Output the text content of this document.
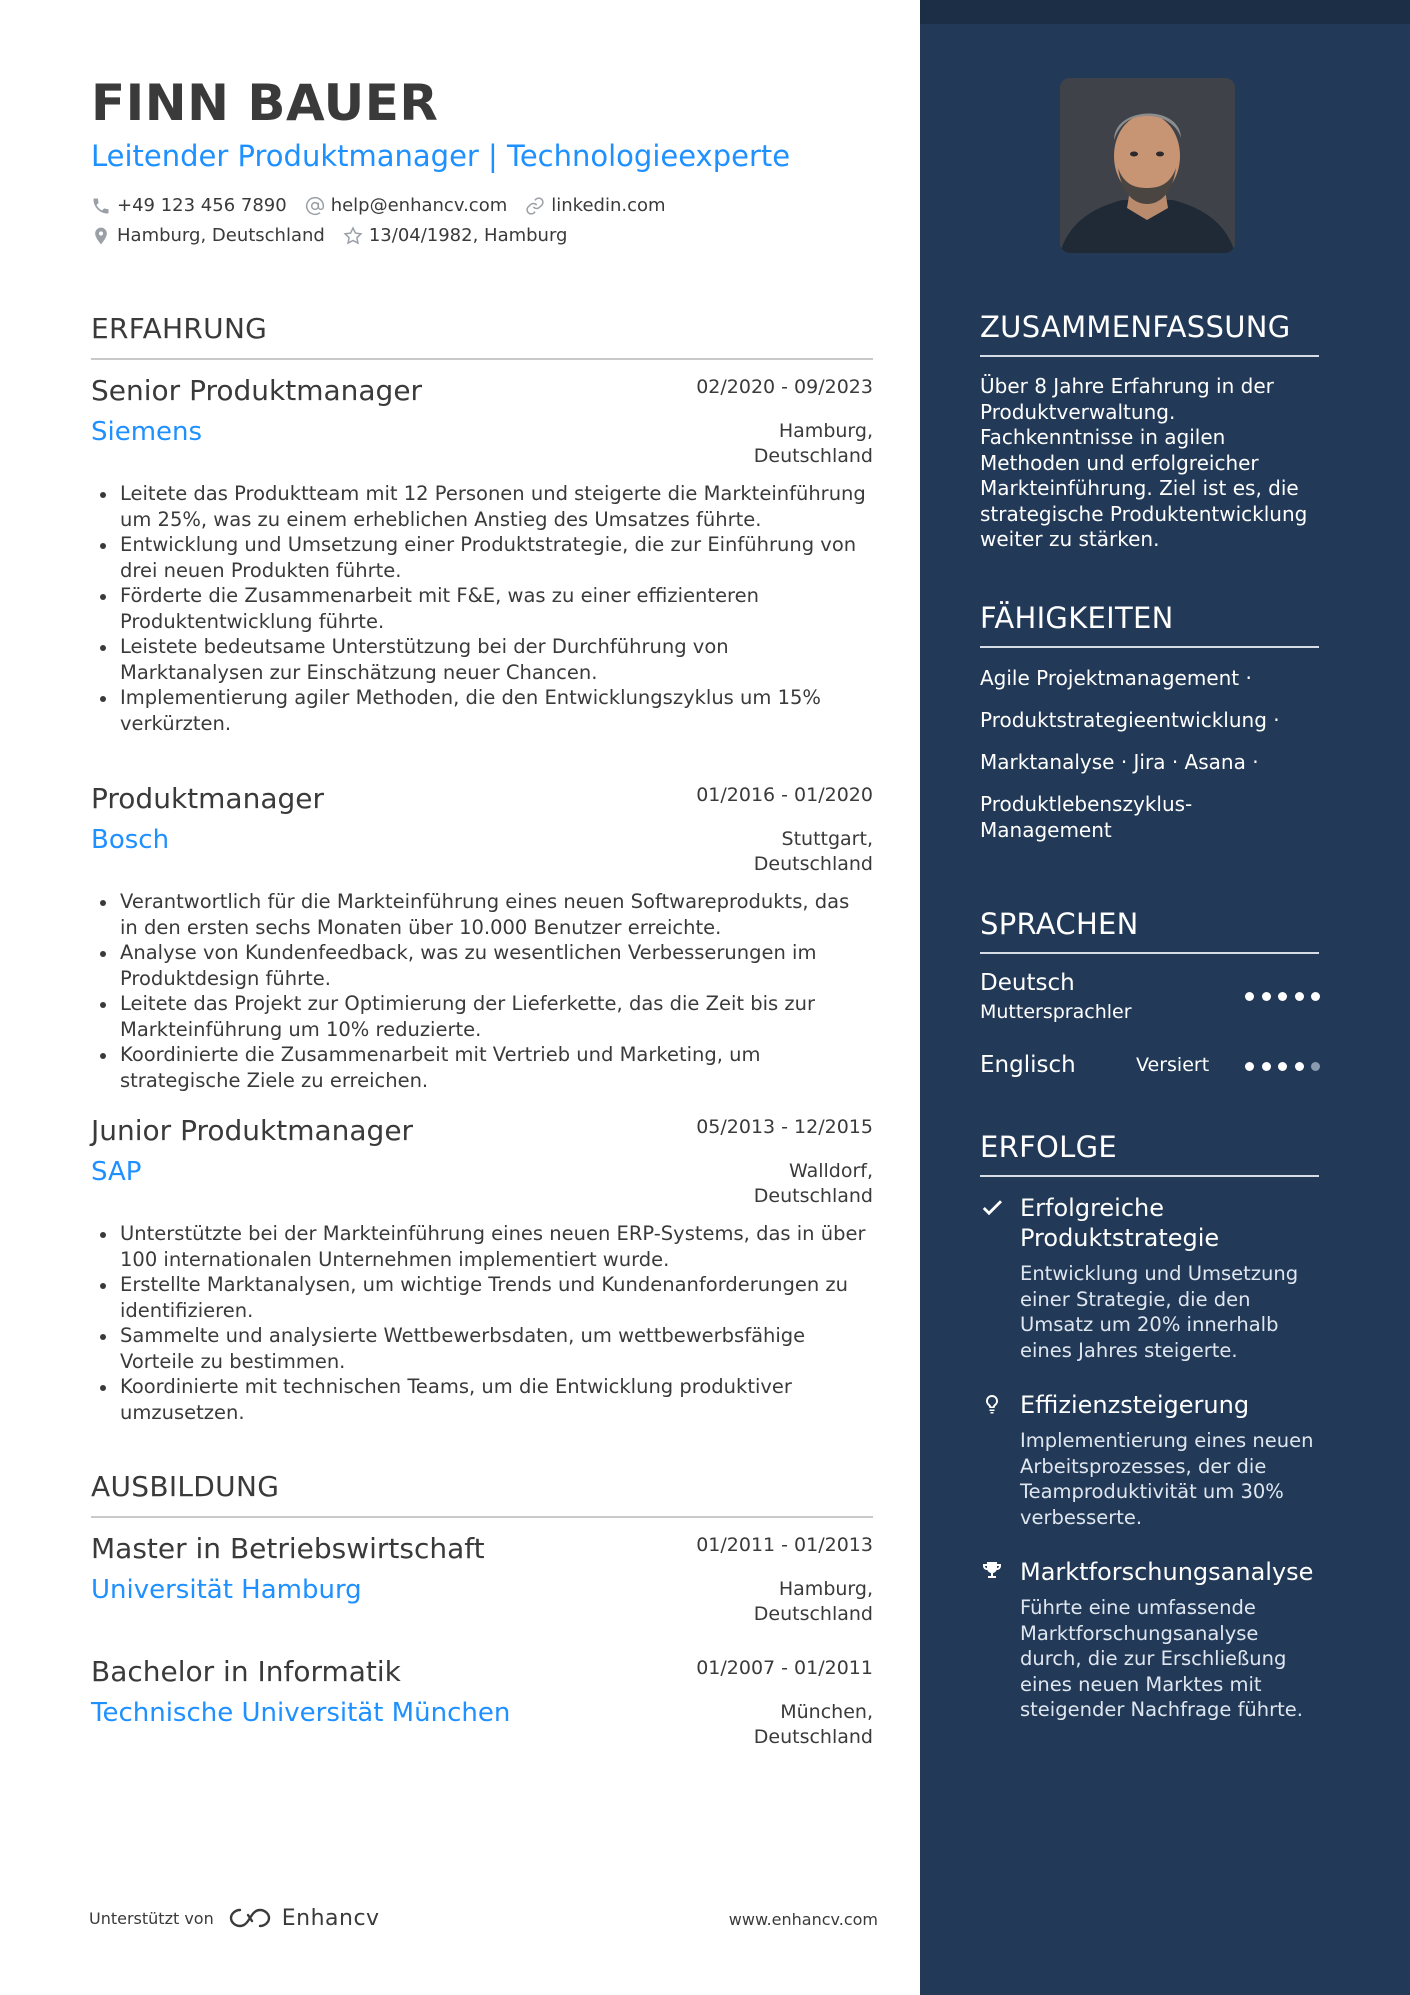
FINN BAUER
Leitender Produktmanager | Technologieexperte
+49 123 456 7890 help@enhancv.com linkedin.com
Hamburg, Deutschland 13/04/1982, Hamburg
ERFAHRUNG
Senior Produktmanager	02/2020 - 09/2023
Siemens	Hamburg,
Deutschland
Leitete das Produktteam mit 12 Personen und steigerte die Markteinführung um 25%, was zu einem erheblichen Anstieg des Umsatzes führte.
Entwicklung und Umsetzung einer Produktstrategie, die zur Einführung von drei neuen Produkten führte.
Förderte die Zusammenarbeit mit F&E, was zu einer effizienteren Produktentwicklung führte.
Leistete bedeutsame Unterstützung bei der Durchführung von Marktanalysen zur Einschätzung neuer Chancen.
Implementierung agiler Methoden, die den Entwicklungszyklus um 15% verkürzten.
Produktmanager	01/2016 - 01/2020
Bosch	Stuttgart,
Deutschland
Verantwortlich für die Markteinführung eines neuen Softwareprodukts, das in den ersten sechs Monaten über 10.000 Benutzer erreichte.
Analyse von Kundenfeedback, was zu wesentlichen Verbesserungen im Produktdesign führte.
Leitete das Projekt zur Optimierung der Lieferkette, das die Zeit bis zur Markteinführung um 10% reduzierte.
Koordinierte die Zusammenarbeit mit Vertrieb und Marketing, um strategische Ziele zu erreichen.
Junior Produktmanager	05/2013 - 12/2015
SAP	Walldorf,
Deutschland
Unterstützte bei der Markteinführung eines neuen ERP-Systems, das in über 100 internationalen Unternehmen implementiert wurde.
Erstellte Marktanalysen, um wichtige Trends und Kundenanforderungen zu identifizieren.
Sammelte und analysierte Wettbewerbsdaten, um wettbewerbsfähige Vorteile zu bestimmen.
Koordinierte mit technischen Teams, um die Entwicklung produktiver umzusetzen.
AUSBILDUNG
Master in Betriebswirtschaft	01/2011 - 01/2013
Universität Hamburg	Hamburg,
Deutschland
Bachelor in Informatik	01/2007 - 01/2011
Technische Universität München	München,
Deutschland
Unterstützt von	Enhancv	www.enhancv.com
ZUSAMMENFASSUNG
Über 8 Jahre Erfahrung in der Produktverwaltung. Fachkenntnisse in agilen Methoden und erfolgreicher Markteinführung. Ziel ist es, die strategische Produktentwicklung weiter zu stärken.
FÄHIGKEITEN
Agile Projektmanagement ·
Produktstrategieentwicklung ·
Marktanalyse · Jira · Asana ·
Produktlebenszyklus-Management
SPRACHEN
Deutsch
Muttersprachler
Englisch	Versiert
ERFOLGE
Erfolgreiche Produktstrategie
Entwicklung und Umsetzung einer Strategie, die den Umsatz um 20% innerhalb eines Jahres steigerte.
Effizienzsteigerung
Implementierung eines neuen Arbeitsprozesses, der die Teamproduktivität um 30% verbesserte.
Marktforschungsanalyse
Führte eine umfassende Marktforschungsanalyse durch, die zur Erschließung eines neuen Marktes mit steigender Nachfrage führte.
